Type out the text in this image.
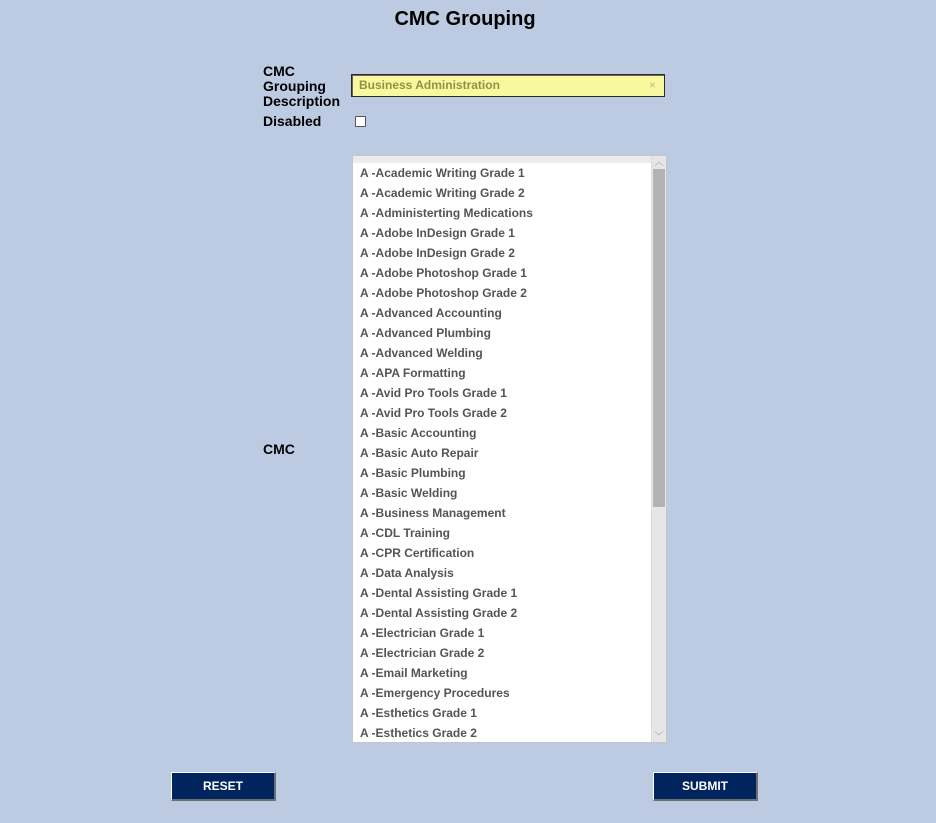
CMC Grouping
CMC Grouping Description
Business Administration	×
Disabled
CMC
A -Academic Writing Grade 1
A -Academic Writing Grade 2
A -Administerting Medications
A -Adobe InDesign Grade 1
A -Adobe InDesign Grade 2
A -Adobe Photoshop Grade 1
A -Adobe Photoshop Grade 2
A -Advanced Accounting
A -Advanced Plumbing
A -Advanced Welding
A -APA Formatting
A -Avid Pro Tools Grade 1
A -Avid Pro Tools Grade 2
A -Basic Accounting
A -Basic Auto Repair
A -Basic Plumbing
A -Basic Welding
A -Business Management
A -CDL Training
A -CPR Certification
A -Data Analysis
A -Dental Assisting Grade 1
A -Dental Assisting Grade 2
A -Electrician Grade 1
A -Electrician Grade 2
A -Email Marketing
A -Emergency Procedures
A -Esthetics Grade 1
A -Esthetics Grade 2
︿
﹀
RESET	SUBMIT
